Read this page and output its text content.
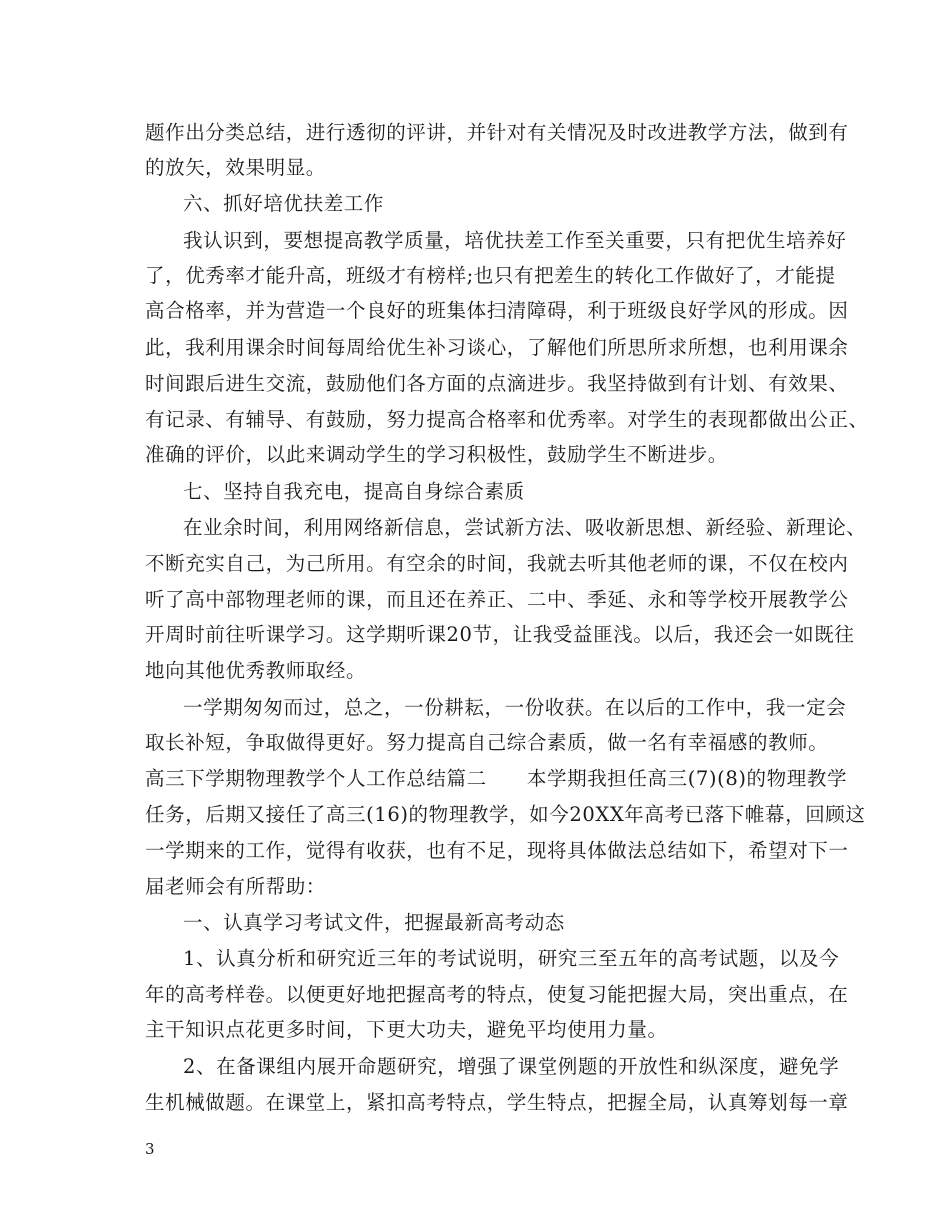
题作出分类总结，进行透彻的评讲，并针对有关情况及时改进教学方法，做到有
的放矢，效果明显。
六、抓好培优扶差工作
我认识到，要想提高教学质量，培优扶差工作至关重要，只有把优生培养好
了，优秀率才能升高，班级才有榜样;也只有把差生的转化工作做好了，才能提
高合格率，并为营造一个良好的班集体扫清障碍，利于班级良好学风的形成。因
此，我利用课余时间每周给优生补习谈心，了解他们所思所求所想，也利用课余
时间跟后进生交流，鼓励他们各方面的点滴进步。我坚持做到有计划、有效果、
有记录、有辅导、有鼓励，努力提高合格率和优秀率。对学生的表现都做出公正、
准确的评价，以此来调动学生的学习积极性，鼓励学生不断进步。
七、坚持自我充电，提高自身综合素质
在业余时间，利用网络新信息，尝试新方法、吸收新思想、新经验、新理论、
不断充实自己，为己所用。有空余的时间，我就去听其他老师的课，不仅在校内
听了高中部物理老师的课，而且还在养正、二中、季延、永和等学校开展教学公
开周时前往听课学习。这学期听课20节，让我受益匪浅。以后，我还会一如既往
地向其他优秀教师取经。
一学期匆匆而过，总之，一份耕耘，一份收获。在以后的工作中，我一定会
取长补短，争取做得更好。努力提高自己综合素质，做一名有幸福感的教师。
高三下学期物理教学个人工作总结篇二　　本学期我担任高三(7)(8)的物理教学
任务，后期又接任了高三(16)的物理教学，如今20XX年高考已落下帷幕，回顾这
一学期来的工作，觉得有收获，也有不足，现将具体做法总结如下，希望对下一
届老师会有所帮助：
一、认真学习考试文件，把握最新高考动态
1、认真分析和研究近三年的考试说明，研究三至五年的高考试题，以及今
年的高考样卷。以便更好地把握高考的特点，使复习能把握大局，突出重点，在
主干知识点花更多时间，下更大功夫，避免平均使用力量。
2、在备课组内展开命题研究，增强了课堂例题的开放性和纵深度，避免学
生机械做题。在课堂上，紧扣高考特点，学生特点，把握全局，认真筹划每一章
3
